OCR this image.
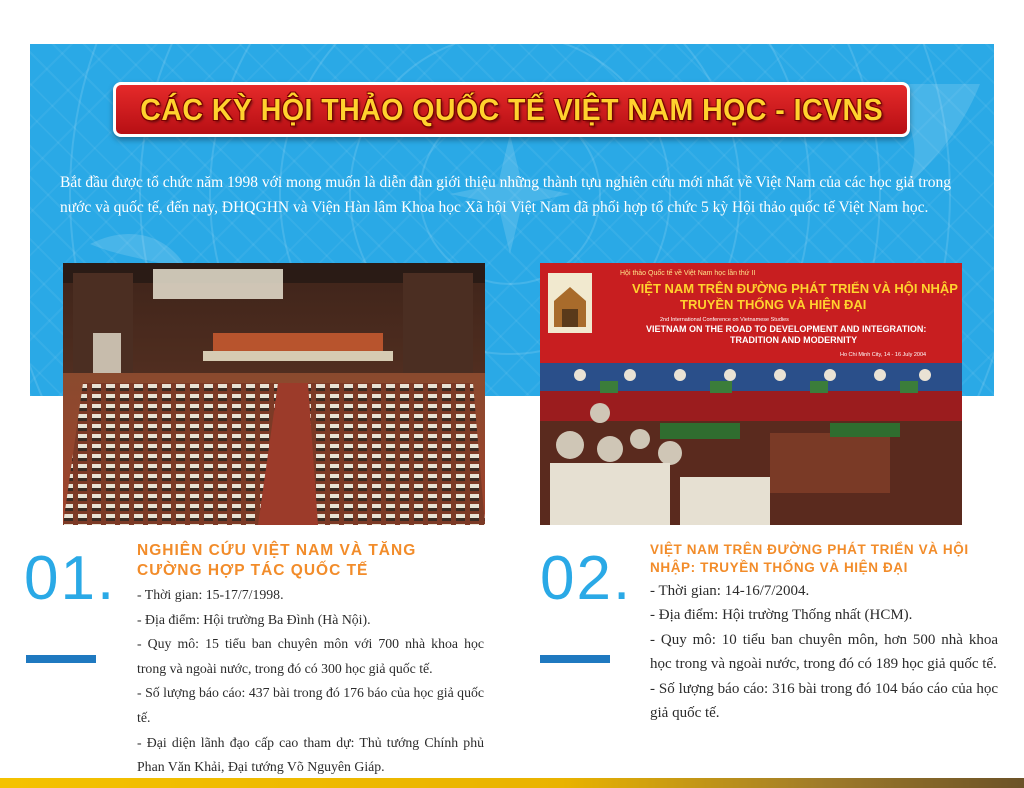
CÁC KỲ HỘI THẢO QUỐC TẾ VIỆT NAM HỌC - ICVNS

Bắt đầu được tổ chức năm 1998 với mong muốn là diễn đàn giới thiệu những thành tựu nghiên cứu mới nhất về Việt Nam của các học giả trong nước và quốc tế, đến nay, ĐHQGHN và Viện Hàn lâm Khoa học Xã hội Việt Nam đã phối hợp tổ chức 5 kỳ Hội thảo quốc tế Việt Nam học.

Hội thảo Quốc tế về Việt Nam học lần thứ II
VIỆT NAM TRÊN ĐƯỜNG PHÁT TRIỂN VÀ HỘI NHẬP
TRUYỀN THỐNG VÀ HIỆN ĐẠI
2nd International Conference on Vietnamese Studies
VIETNAM ON THE ROAD TO DEVELOPMENT AND INTEGRATION:
TRADITION AND MODERNITY
Ho Chi Minh City, 14 - 16 July 2004
01. NGHIÊN CỨU VIỆT NAM VÀ TĂNG CƯỜNG HỢP TÁC QUỐC TẾ
- Thời gian: 15-17/7/1998.
- Địa điểm: Hội trường Ba Đình (Hà Nội).
- Quy mô: 15 tiểu ban chuyên môn với 700 nhà khoa học trong và ngoài nước, trong đó có 300 học giả quốc tế.
- Số lượng báo cáo: 437 bài trong đó 176 báo của học giả quốc tế.
- Đại diện lãnh đạo cấp cao tham dự: Thủ tướng Chính phủ Phan Văn Khải, Đại tướng Võ Nguyên Giáp.
02. VIỆT NAM TRÊN ĐƯỜNG PHÁT TRIỂN VÀ HỘI NHẬP: TRUYỀN THỐNG VÀ HIỆN ĐẠI
- Thời gian: 14-16/7/2004.
- Địa điểm: Hội trường Thống nhất (HCM).
- Quy mô: 10 tiểu ban chuyên môn, hơn 500 nhà khoa học trong và ngoài nước, trong đó có 189 học giả quốc tế.
- Số lượng báo cáo: 316 bài trong đó 104 báo cáo của học giả quốc tế.
